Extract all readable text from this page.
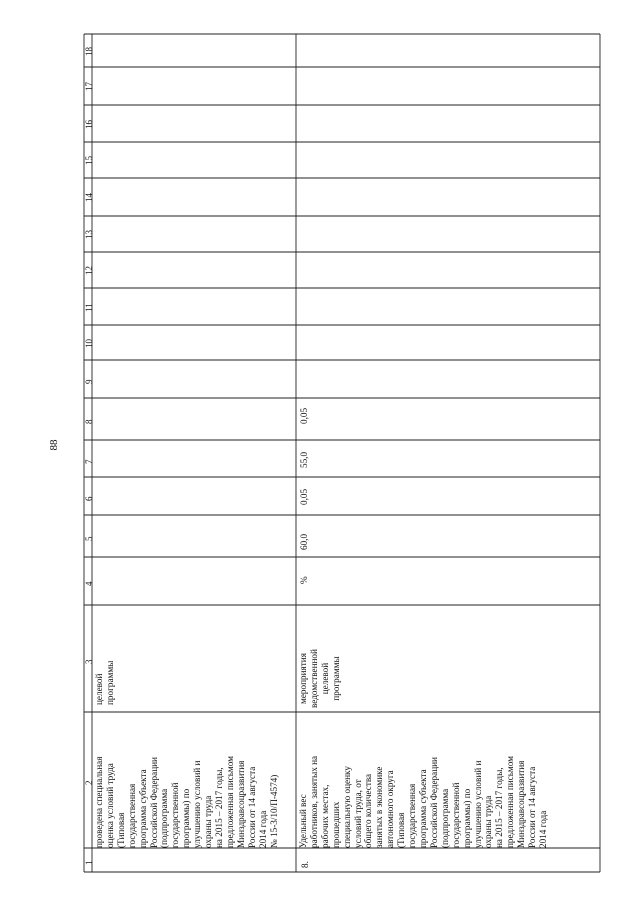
88
1
2
3
4
5
6
7
8
9
10
11
12
13
14
15
16
17
18
проведена специальная оценка условий труда (Типовая государственная программа субъекта Российской Федерации (подпрограмма государственной программы) по улучшению условий и охраны труда на 2015 – 2017 годы, предложенная письмом Минздравсоцразвития России от 14 августа 2014 года № 15-3/10/П-4574)
целевой программы
8.
Удельный вес работников, занятых на рабочих местах, прошедших специальную оценку условий труда, от общего количества занятых в экономике автономного округа (Типовая государственная программа субъекта Российской Федерации (подпрограмма государственной программы) по улучшению условий и охраны труда на 2015 – 2017 годы, предложенная письмом Минздравсоцразвития России от 14 августа 2014 года
мероприятия ведомственной целевой программы
%
60,0
0,05
55,0
0,05
